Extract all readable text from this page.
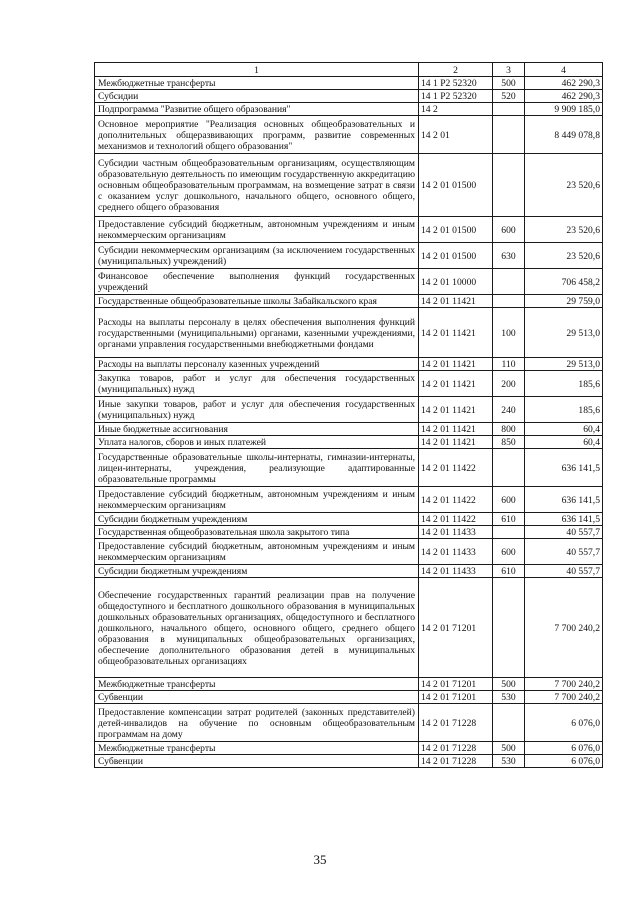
1	2	3	4
Межбюджетные трансферты	14 1 P2 52320	500	462 290,3
Субсидии	14 1 P2 52320	520	462 290,3
Подпрограмма "Развитие общего образования"	14 2		9 909 185,0
Основное мероприятие "Реализация основных общеобразовательных и дополнительных общеразвивающих программ, развитие современных механизмов и технологий общего образования"	14 2 01		8 449 078,8
Субсидии частным общеобразовательным организациям, осуществляющим образовательную деятельность по имеющим государственную аккредитацию основным общеобразовательным программам, на возмещение затрат в связи с оказанием услуг дошкольного, начального общего, основного общего, среднего общего образования	14 2 01 01500		23 520,6
Предоставление субсидий бюджетным, автономным учреждениям и иным некоммерческим организациям	14 2 01 01500	600	23 520,6
Субсидии некоммерческим организациям (за исключением государственных (муниципальных) учреждений)	14 2 01 01500	630	23 520,6
Финансовое обеспечение выполнения функций государственных учреждений	14 2 01 10000		706 458,2
Государственные общеобразовательные школы Забайкальского края	14 2 01 11421		29 759,0
Расходы на выплаты персоналу в целях обеспечения выполнения функций государственными (муниципальными) органами, казенными учреждениями, органами управления государственными внебюджетными фондами	14 2 01 11421	100	29 513,0
Расходы на выплаты персоналу казенных учреждений	14 2 01 11421	110	29 513,0
Закупка товаров, работ и услуг для обеспечения государственных (муниципальных) нужд	14 2 01 11421	200	185,6
Иные закупки товаров, работ и услуг для обеспечения государственных (муниципальных) нужд	14 2 01 11421	240	185,6
Иные бюджетные ассигнования	14 2 01 11421	800	60,4
Уплата налогов, сборов и иных платежей	14 2 01 11421	850	60,4
Государственные образовательные школы-интернаты, гимназии-интернаты, лицеи-интернаты, учреждения, реализующие адаптированные образовательные программы	14 2 01 11422		636 141,5
Предоставление субсидий бюджетным, автономным учреждениям и иным некоммерческим организациям	14 2 01 11422	600	636 141,5
Субсидии бюджетным учреждениям	14 2 01 11422	610	636 141,5
Государственная общеобразовательная школа закрытого типа	14 2 01 11433		40 557,7
Предоставление субсидий бюджетным, автономным учреждениям и иным некоммерческим организациям	14 2 01 11433	600	40 557,7
Субсидии бюджетным учреждениям	14 2 01 11433	610	40 557,7
Обеспечение государственных гарантий реализации прав на получение общедоступного и бесплатного дошкольного образования в муниципальных дошкольных образовательных организациях, общедоступного и бесплатного дошкольного, начального общего, основного общего, среднего общего образования в муниципальных общеобразовательных организациях, обеспечение дополнительного образования детей в муниципальных общеобразовательных организациях	14 2 01 71201		7 700 240,2
Межбюджетные трансферты	14 2 01 71201	500	7 700 240,2
Субвенции	14 2 01 71201	530	7 700 240,2
Предоставление компенсации затрат родителей (законных представителей) детей-инвалидов на обучение по основным общеобразовательным программам на дому	14 2 01 71228		6 076,0
Межбюджетные трансферты	14 2 01 71228	500	6 076,0
Субвенции	14 2 01 71228	530	6 076,0
35
